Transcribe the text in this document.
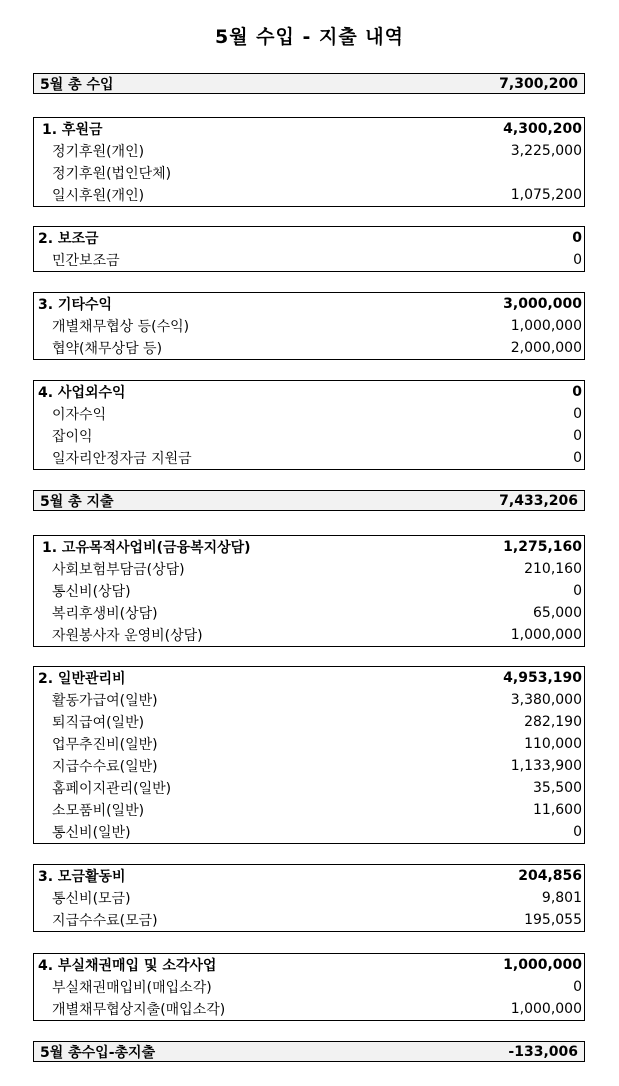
5월 수입 - 지출 내역
5월 총 수입	7,300,200
1. 후원금	4,300,200
정기후원(개인)	3,225,000
정기후원(법인단체)
일시후원(개인)	1,075,200
2. 보조금	0
민간보조금	0
3. 기타수익	3,000,000
개별채무협상 등(수익)	1,000,000
협약(채무상담 등)	2,000,000
4. 사업외수익	0
이자수익	0
잡이익	0
일자리안정자금 지원금	0
5월 총 지출	7,433,206
1. 고유목적사업비(금융복지상담)	1,275,160
사회보험부담금(상담)	210,160
통신비(상담)	0
복리후생비(상담)	65,000
자원봉사자 운영비(상담)	1,000,000
2. 일반관리비	4,953,190
활동가급여(일반)	3,380,000
퇴직급여(일반)	282,190
업무추진비(일반)	110,000
지급수수료(일반)	1,133,900
홈페이지관리(일반)	35,500
소모품비(일반)	11,600
통신비(일반)	0
3. 모금활동비	204,856
통신비(모금)	9,801
지급수수료(모금)	195,055
4. 부실채권매입 및 소각사업	1,000,000
부실채권매입비(매입소각)	0
개별채무협상지출(매입소각)	1,000,000
5월 총수입-총지출	-133,006
